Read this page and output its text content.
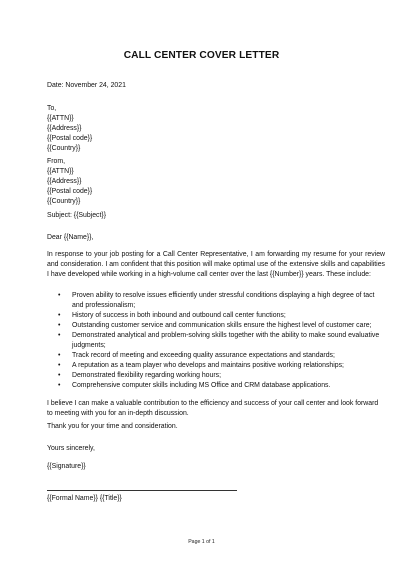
CALL CENTER COVER LETTER
Date: November 24, 2021
To,
{{ATTN}}
{{Address}}
{{Postal code}}
{{Country}}
From,
{{ATTN}}
{{Address}}
{{Postal code}}
{{Country}}
Subject: {{Subject}}
Dear {{Name}},
In response to your job posting for a Call Center Representative, I am forwarding my resume for your review and consideration. I am confident that this position will make optimal use of the extensive skills and capabilities I have developed while working in a high-volume call center over the last {{Number}} years. These include:
• Proven ability to resolve issues efficiently under stressful conditions displaying a high degree of tact and professionalism;
• History of success in both inbound and outbound call center functions;
• Outstanding customer service and communication skills ensure the highest level of customer care;
• Demonstrated analytical and problem-solving skills together with the ability to make sound evaluative judgments;
• Track record of meeting and exceeding quality assurance expectations and standards;
• A reputation as a team player who develops and maintains positive working relationships;
• Demonstrated flexibility regarding working hours;
• Comprehensive computer skills including MS Office and CRM database applications.
I believe I can make a valuable contribution to the efficiency and success of your call center and look forward to meeting with you for an in-depth discussion.
Thank you for your time and consideration.
Yours sincerely,
{{Signature}}
{{Formal Name}} {{Title}}
Page 1 of 1
